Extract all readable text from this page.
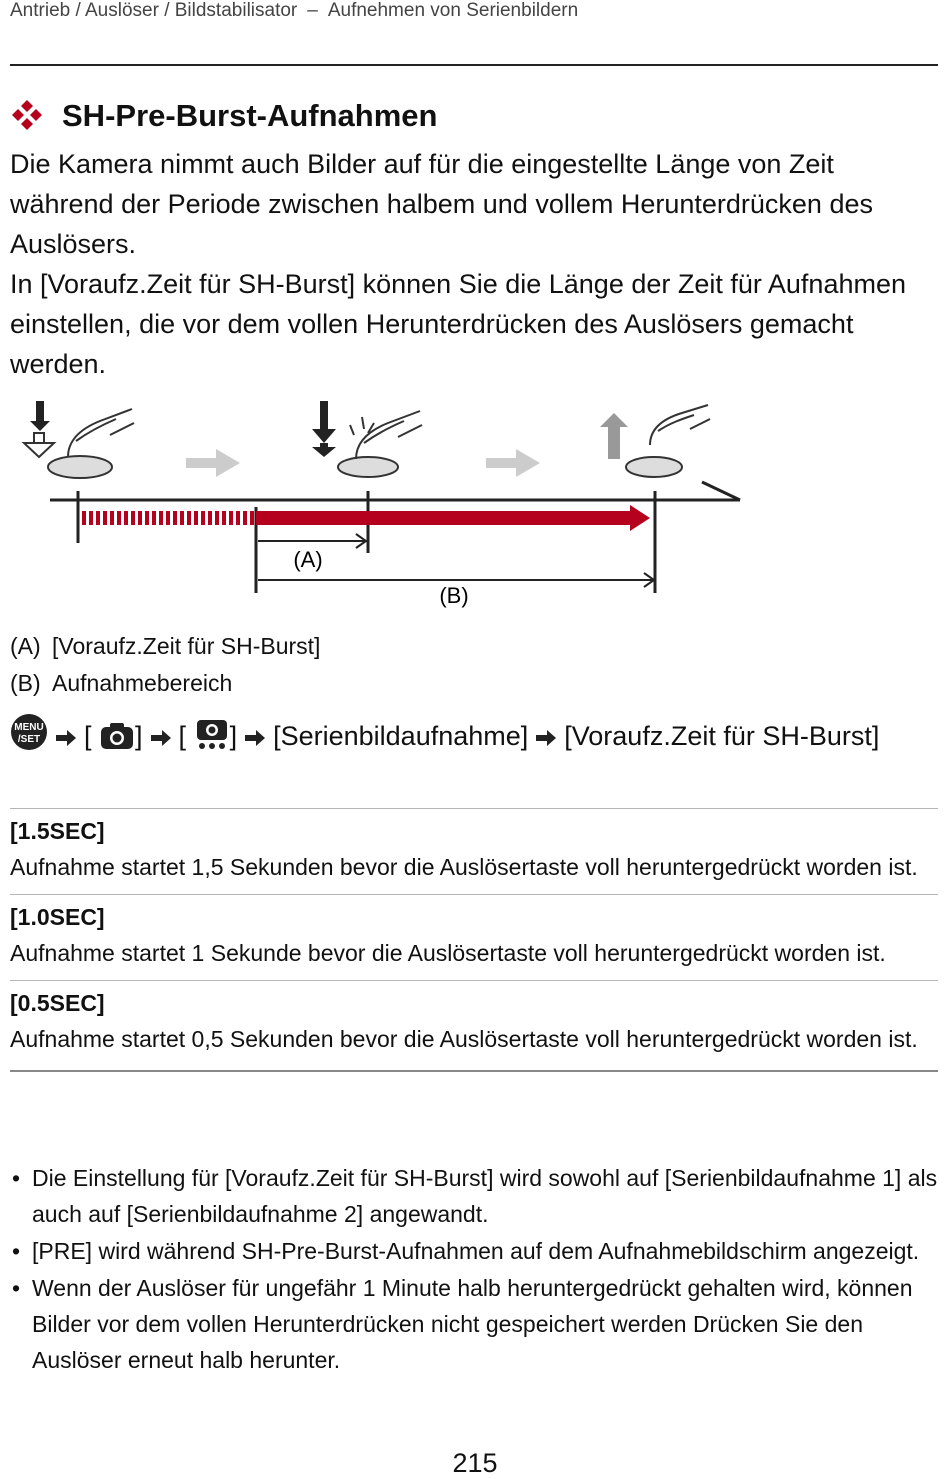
Antrieb / Auslöser / Bildstabilisator – Aufnehmen von Serienbildern
SH-Pre-Burst-Aufnahmen

Die Kamera nimmt auch Bilder auf für die eingestellte Länge von Zeit während der Periode zwischen halbem und vollem Herunterdrücken des Auslösers.

In [Voraufz.Zeit für SH-Burst] können Sie die Länge der Zeit für Aufnahmen einstellen, die vor dem vollen Herunterdrücken des Auslösers gemacht werden.

(A)
(B)
(A) [Voraufz.Zeit für SH-Burst]
(B) Aufnahmebereich
MENU
/SET [ ] [ ] [Serienbildaufnahme] [Voraufz.Zeit für SH-Burst]
[1.5SEC]
Aufnahme startet 1,5 Sekunden bevor die Auslösertaste voll heruntergedrückt worden ist.
[1.0SEC]
Aufnahme startet 1 Sekunde bevor die Auslösertaste voll heruntergedrückt worden ist.
[0.5SEC]
Aufnahme startet 0,5 Sekunden bevor die Auslösertaste voll heruntergedrückt worden ist.
• Die Einstellung für [Voraufz.Zeit für SH-Burst] wird sowohl auf [Serienbildaufnahme 1] als auch auf [Serienbildaufnahme 2] angewandt.
• [PRE] wird während SH-Pre-Burst-Aufnahmen auf dem Aufnahmebildschirm angezeigt.
• Wenn der Auslöser für ungefähr 1 Minute halb heruntergedrückt gehalten wird, können Bilder vor dem vollen Herunterdrücken nicht gespeichert werden Drücken Sie den Auslöser erneut halb herunter.
215
